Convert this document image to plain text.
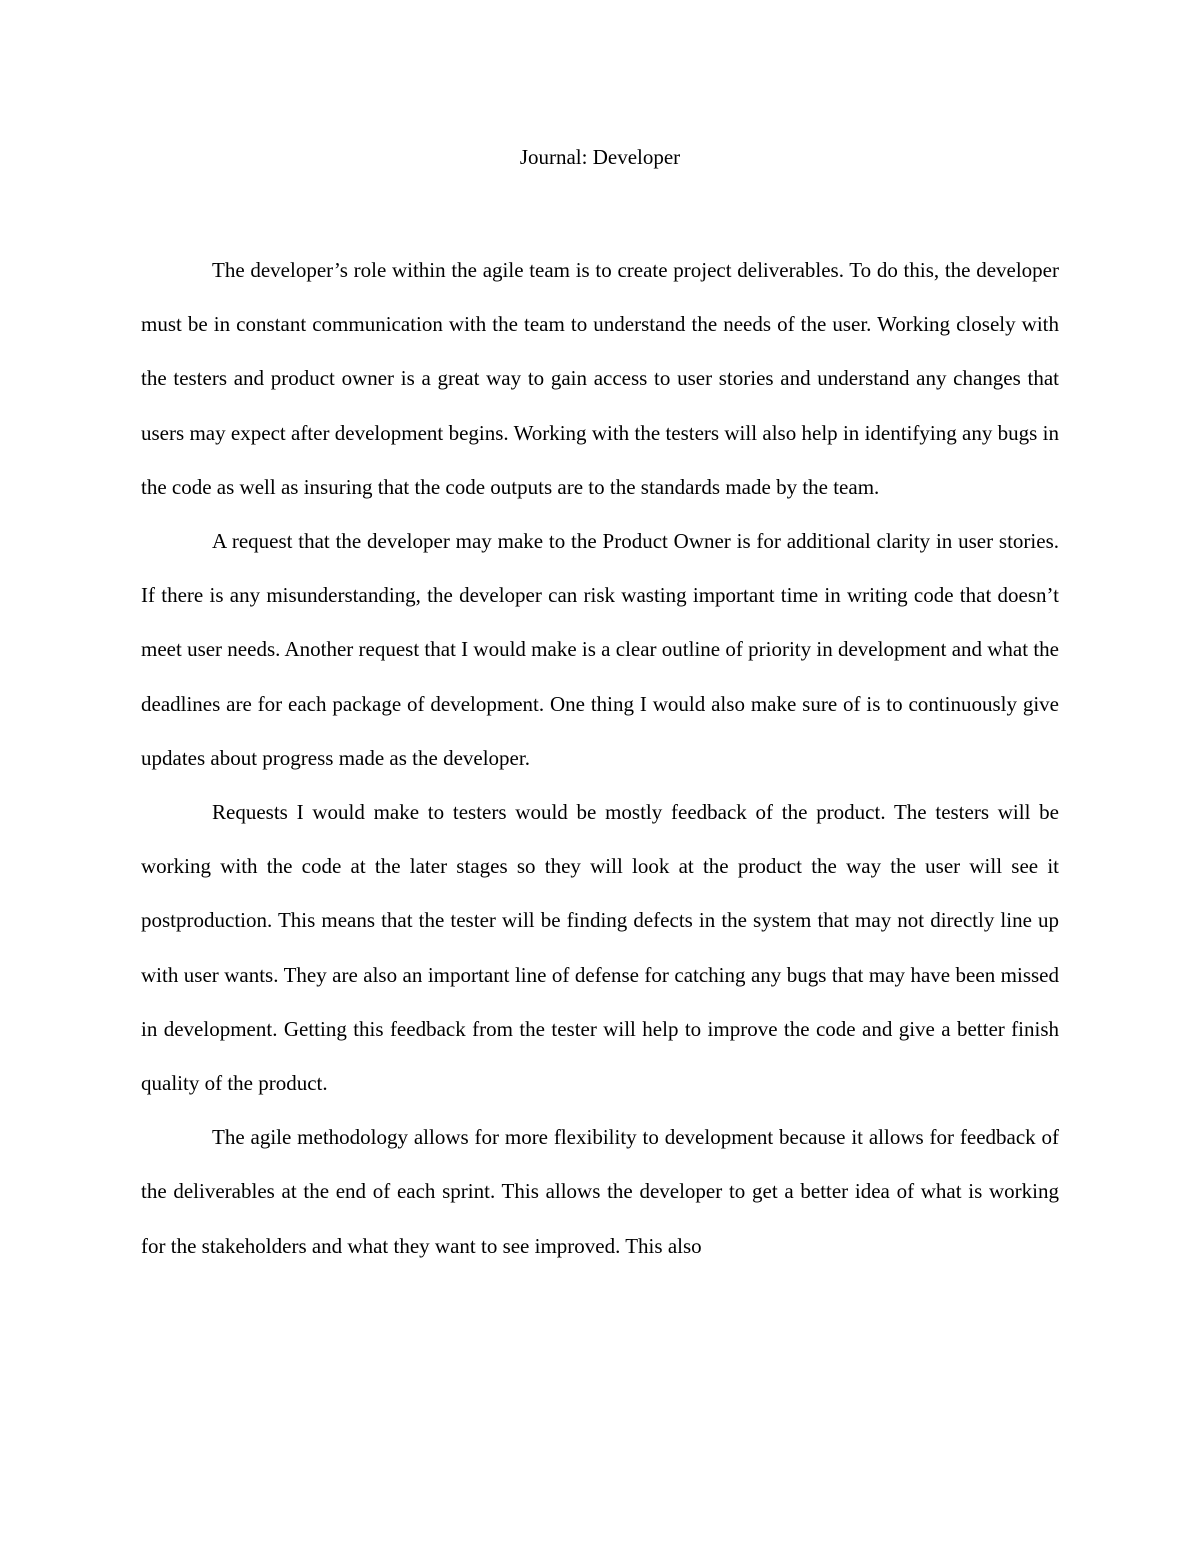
Journal: Developer

The developer’s role within the agile team is to create project deliverables. To do this, the developer must be in constant communication with the team to understand the needs of the user. Working closely with the testers and product owner is a great way to gain access to user stories and understand any changes that users may expect after development begins. Working with the testers will also help in identifying any bugs in the code as well as insuring that the code outputs are to the standards made by the team.

A request that the developer may make to the Product Owner is for additional clarity in user stories. If there is any misunderstanding, the developer can risk wasting important time in writing code that doesn’t meet user needs. Another request that I would make is a clear outline of priority in development and what the deadlines are for each package of development. One thing I would also make sure of is to continuously give updates about progress made as the developer.

Requests I would make to testers would be mostly feedback of the product. The testers will be working with the code at the later stages so they will look at the product the way the user will see it postproduction. This means that the tester will be finding defects in the system that may not directly line up with user wants. They are also an important line of defense for catching any bugs that may have been missed in development. Getting this feedback from the tester will help to improve the code and give a better finish quality of the product.

The agile methodology allows for more flexibility to development because it allows for feedback of the deliverables at the end of each sprint. This allows the developer to get a better idea of what is working for the stakeholders and what they want to see improved. This also
